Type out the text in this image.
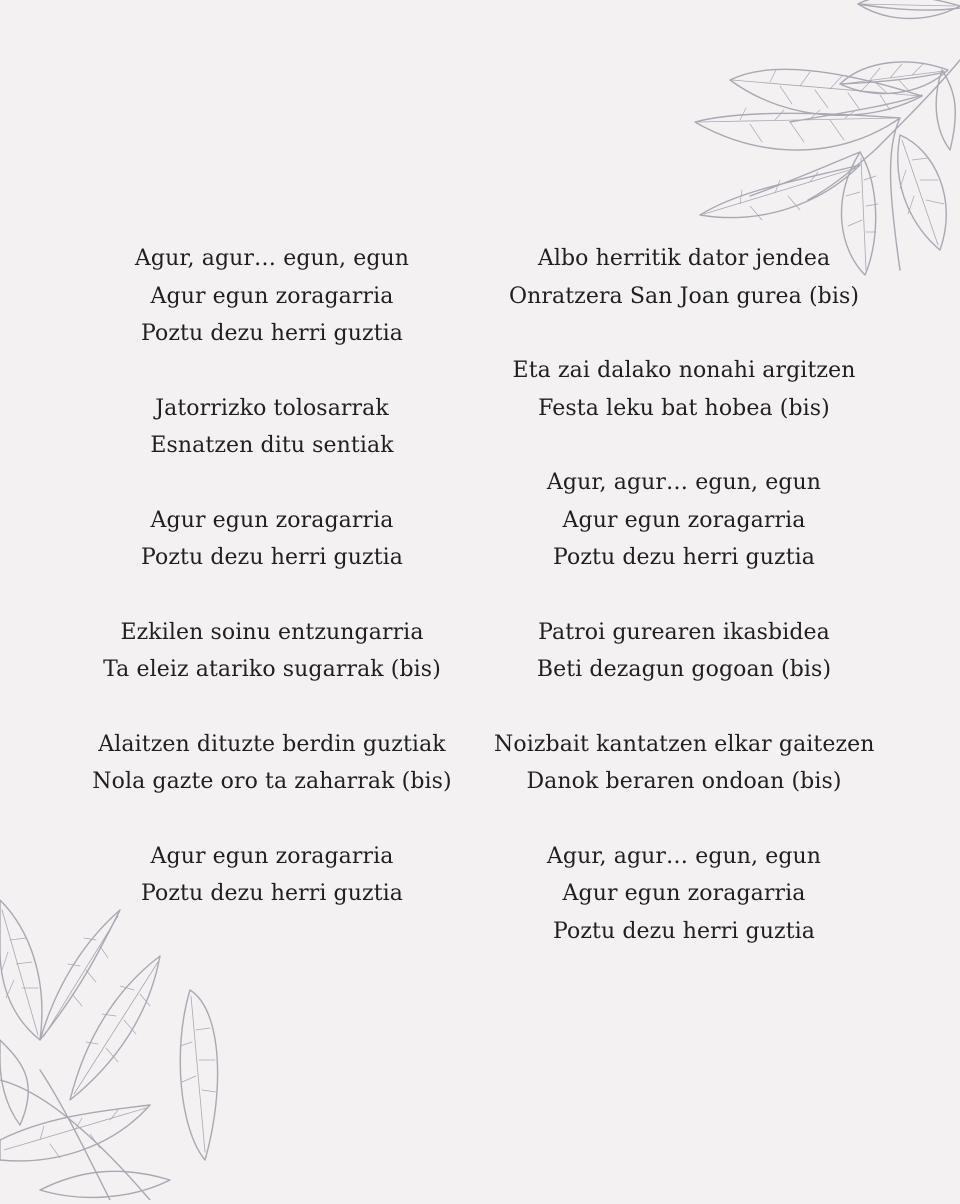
Agur, agur… egun, egun
Agur egun zoragarria
Poztu dezu herri guztia
Jatorrizko tolosarrak
Esnatzen ditu sentiak
Agur egun zoragarria
Poztu dezu herri guztia
Ezkilen soinu entzungarria
Ta eleiz atariko sugarrak (bis)
Alaitzen dituzte berdin guztiak
Nola gazte oro ta zaharrak (bis)
Agur egun zoragarria
Poztu dezu herri guztia
Albo herritik dator jendea
Onratzera San Joan gurea (bis)
Eta zai dalako nonahi argitzen
Festa leku bat hobea (bis)
Agur, agur… egun, egun
Agur egun zoragarria
Poztu dezu herri guztia
Patroi gurearen ikasbidea
Beti dezagun gogoan (bis)
Noizbait kantatzen elkar gaitezen
Danok beraren ondoan (bis)
Agur, agur… egun, egun
Agur egun zoragarria
Poztu dezu herri guztia
